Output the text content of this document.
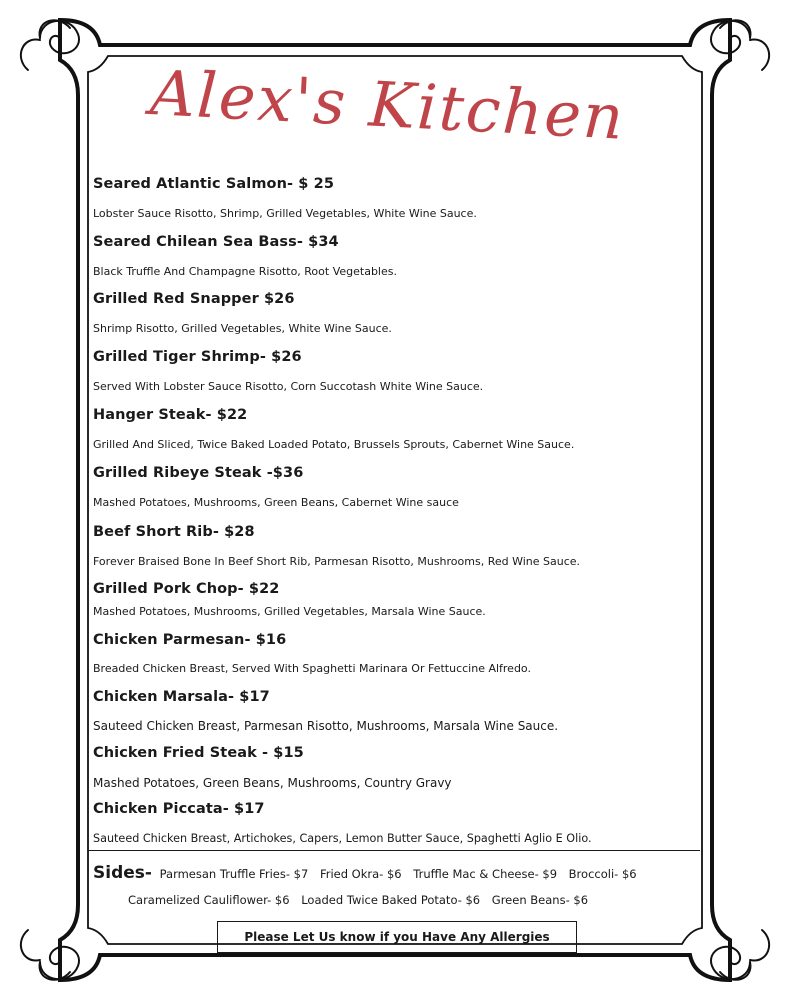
Alex's Kitchen
Seared Atlantic Salmon- $ 25
Lobster Sauce Risotto, Shrimp, Grilled Vegetables, White Wine Sauce.
Seared Chilean Sea Bass- $34
Black Truffle And Champagne Risotto, Root Vegetables.
Grilled Red Snapper $26
Shrimp Risotto, Grilled Vegetables, White Wine Sauce.
Grilled Tiger Shrimp- $26
Served With Lobster Sauce Risotto, Corn Succotash White Wine Sauce.
Hanger Steak- $22
Grilled And Sliced, Twice Baked Loaded Potato, Brussels Sprouts, Cabernet Wine Sauce.
Grilled Ribeye Steak -$36
Mashed Potatoes, Mushrooms, Green Beans, Cabernet Wine sauce
Beef Short Rib- $28
Forever Braised Bone In Beef Short Rib, Parmesan Risotto, Mushrooms, Red Wine Sauce.
Grilled Pork Chop- $22
Mashed Potatoes, Mushrooms, Grilled Vegetables, Marsala Wine Sauce.
Chicken Parmesan- $16
Breaded Chicken Breast, Served With Spaghetti Marinara Or Fettuccine Alfredo.
Chicken Marsala- $17
Sauteed Chicken Breast, Parmesan Risotto, Mushrooms, Marsala Wine Sauce.
Chicken Fried Steak - $15
Mashed Potatoes, Green Beans, Mushrooms, Country Gravy
Chicken Piccata- $17
Sauteed Chicken Breast, Artichokes, Capers, Lemon Butter Sauce, Spaghetti Aglio E Olio.
Sides- Parmesan Truffle Fries- $7 Fried Okra- $6 Truffle Mac & Cheese- $9 Broccoli- $6
Caramelized Cauliflower- $6 Loaded Twice Baked Potato- $6 Green Beans- $6
Please Let Us know if you Have Any Allergies
